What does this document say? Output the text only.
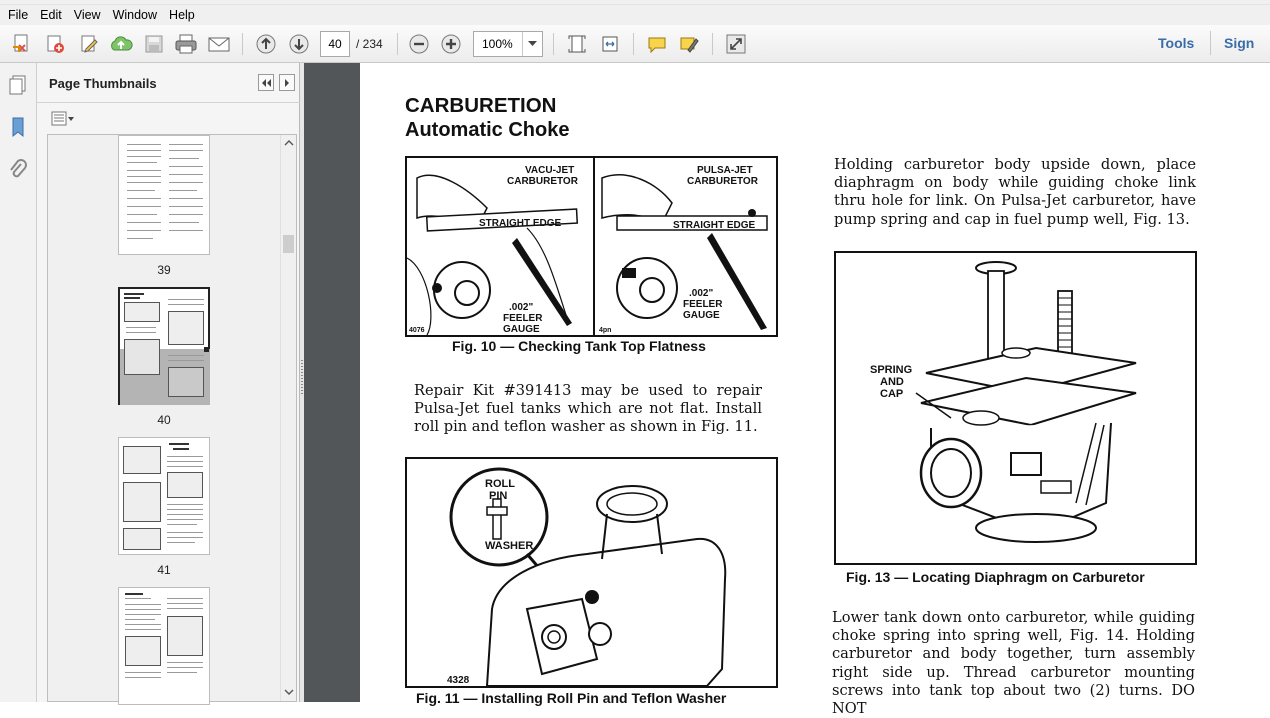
File Edit View Window Help
40
/ 234	100%	Tools Sign
Page Thumbnails
39
40
41
CARBURETION
Automatic Choke
VACU-JET
CARBURETOR
STRAIGHT EDGE
.002"
FEELER
GAUGE
4076
PULSA-JET
CARBURETOR
STRAIGHT EDGE
.002"
FEELER
GAUGE
4pn
Fig. 10 — Checking Tank Top Flatness
Repair Kit #391413 may be used to repair Pulsa-Jet fuel tanks which are not flat. Install roll pin and teflon washer as shown in Fig. 11.
ROLL
PIN
WASHER
4328
Fig. 11 — Installing Roll Pin and Teflon Washer
Holding carburetor body upside down, place diaphragm on body while guiding choke link thru hole for link. On Pulsa-Jet carburetor, have pump spring and cap in fuel pump well, Fig. 13.
SPRING
AND
CAP
Fig. 13 — Locating Diaphragm on Carburetor
Lower tank down onto carburetor, while guiding choke spring into spring well, Fig. 14. Holding carburetor and body together, turn assembly right side up. Thread carburetor mounting screws into tank top about two (2) turns. DO NOT
